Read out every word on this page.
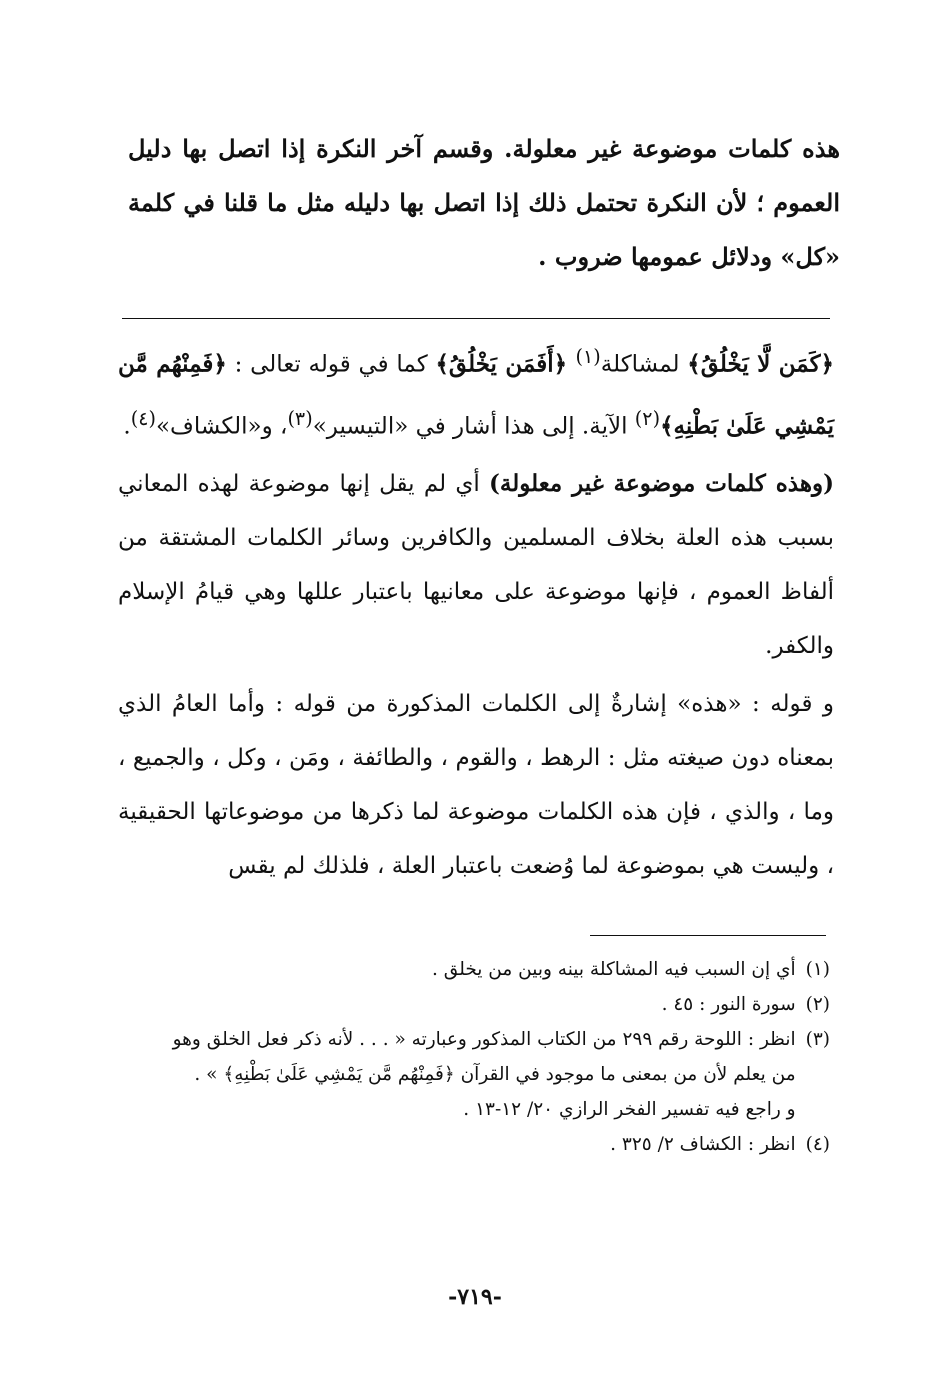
هذه كلمات موضوعة غير معلولة. وقسم آخر النكرة إذا اتصل بها دليل العموم ؛ لأن النكرة تحتمل ذلك إذا اتصل بها دليله مثل ما قلنا في كلمة «كل» ودلائل عمومها ضروب .

﴿كَمَن لَّا يَخْلُقُ﴾ لمشاكلة$^{(١)}$ ﴿أَفَمَن يَخْلُقُ﴾ كما في قوله تعالى : ﴿فَمِنْهُم مَّن يَمْشِي عَلَىٰ بَطْنِهِ﴾$^{(٢)}$ الآية. إلى هذا أشار في «التيسير»$^{(٣)}$، و«الكشاف»$^{(٤)}$.

(وهذه كلمات موضوعة غير معلولة) أي لم يقل إنها موضوعة لهذه المعاني بسبب هذه العلة بخلاف المسلمين والكافرين وسائر الكلمات المشتقة من ألفاظ العموم ، فإنها موضوعة على معانيها باعتبار عللها وهي قيامُ الإسلام والكفر.

و قوله : «هذه» إشارةٌ إلى الكلمات المذكورة من قوله : وأما العامُ الذي بمعناه دون صيغته مثل : الرهط ، والقوم ، والطائفة ، ومَن ، وكل ، والجميع ، وما ، والذي ، فإن هذه الكلمات موضوعة لما ذكرها من موضوعاتها الحقيقية ، وليست هي بموضوعة لما وُضعت باعتبار العلة ، فلذلك لم يقس

(١)
أي إن السبب فيه المشاكلة بينه وبين من يخلق .
(٢)
سورة النور : ٤٥ .
(٣)
انظر : اللوحة رقم ٢٩٩ من الكتاب المذكور وعبارته « . . . لأنه ذكر فعل الخلق وهو
من يعلم لأن من بمعنى ما موجود في القرآن ﴿فَمِنْهُم مَّن يَمْشِي عَلَىٰ بَطْنِهِ﴾ » .
و راجع فيه تفسير الفخر الرازي ٢٠/ ١٢-١٣ .
(٤)
انظر : الكشاف ٢/ ٣٢٥ .
-٧١٩-
